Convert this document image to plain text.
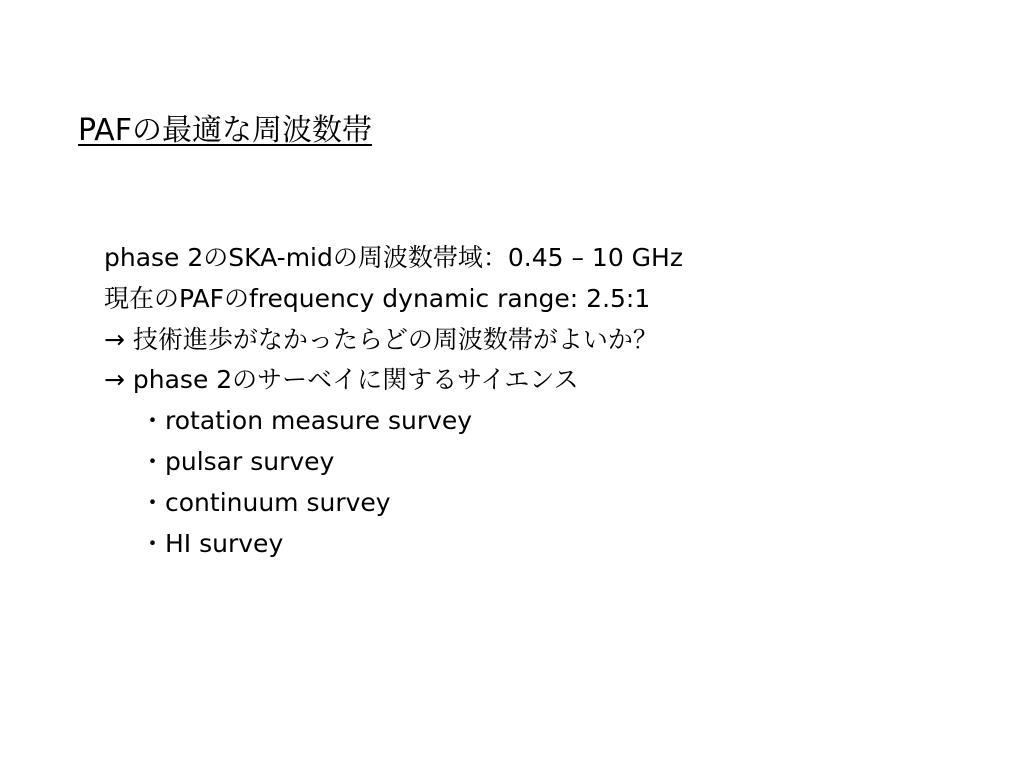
PAFの最適な周波数帯
phase 2のSKA-midの周波数帯域：0.45 – 10 GHz
現在のPAFのfrequency dynamic range: 2.5:1
→ 技術進歩がなかったらどの周波数帯がよいか？
→ phase 2のサーベイに関するサイエンス
・rotation measure survey
・pulsar survey
・continuum survey
・HI survey
